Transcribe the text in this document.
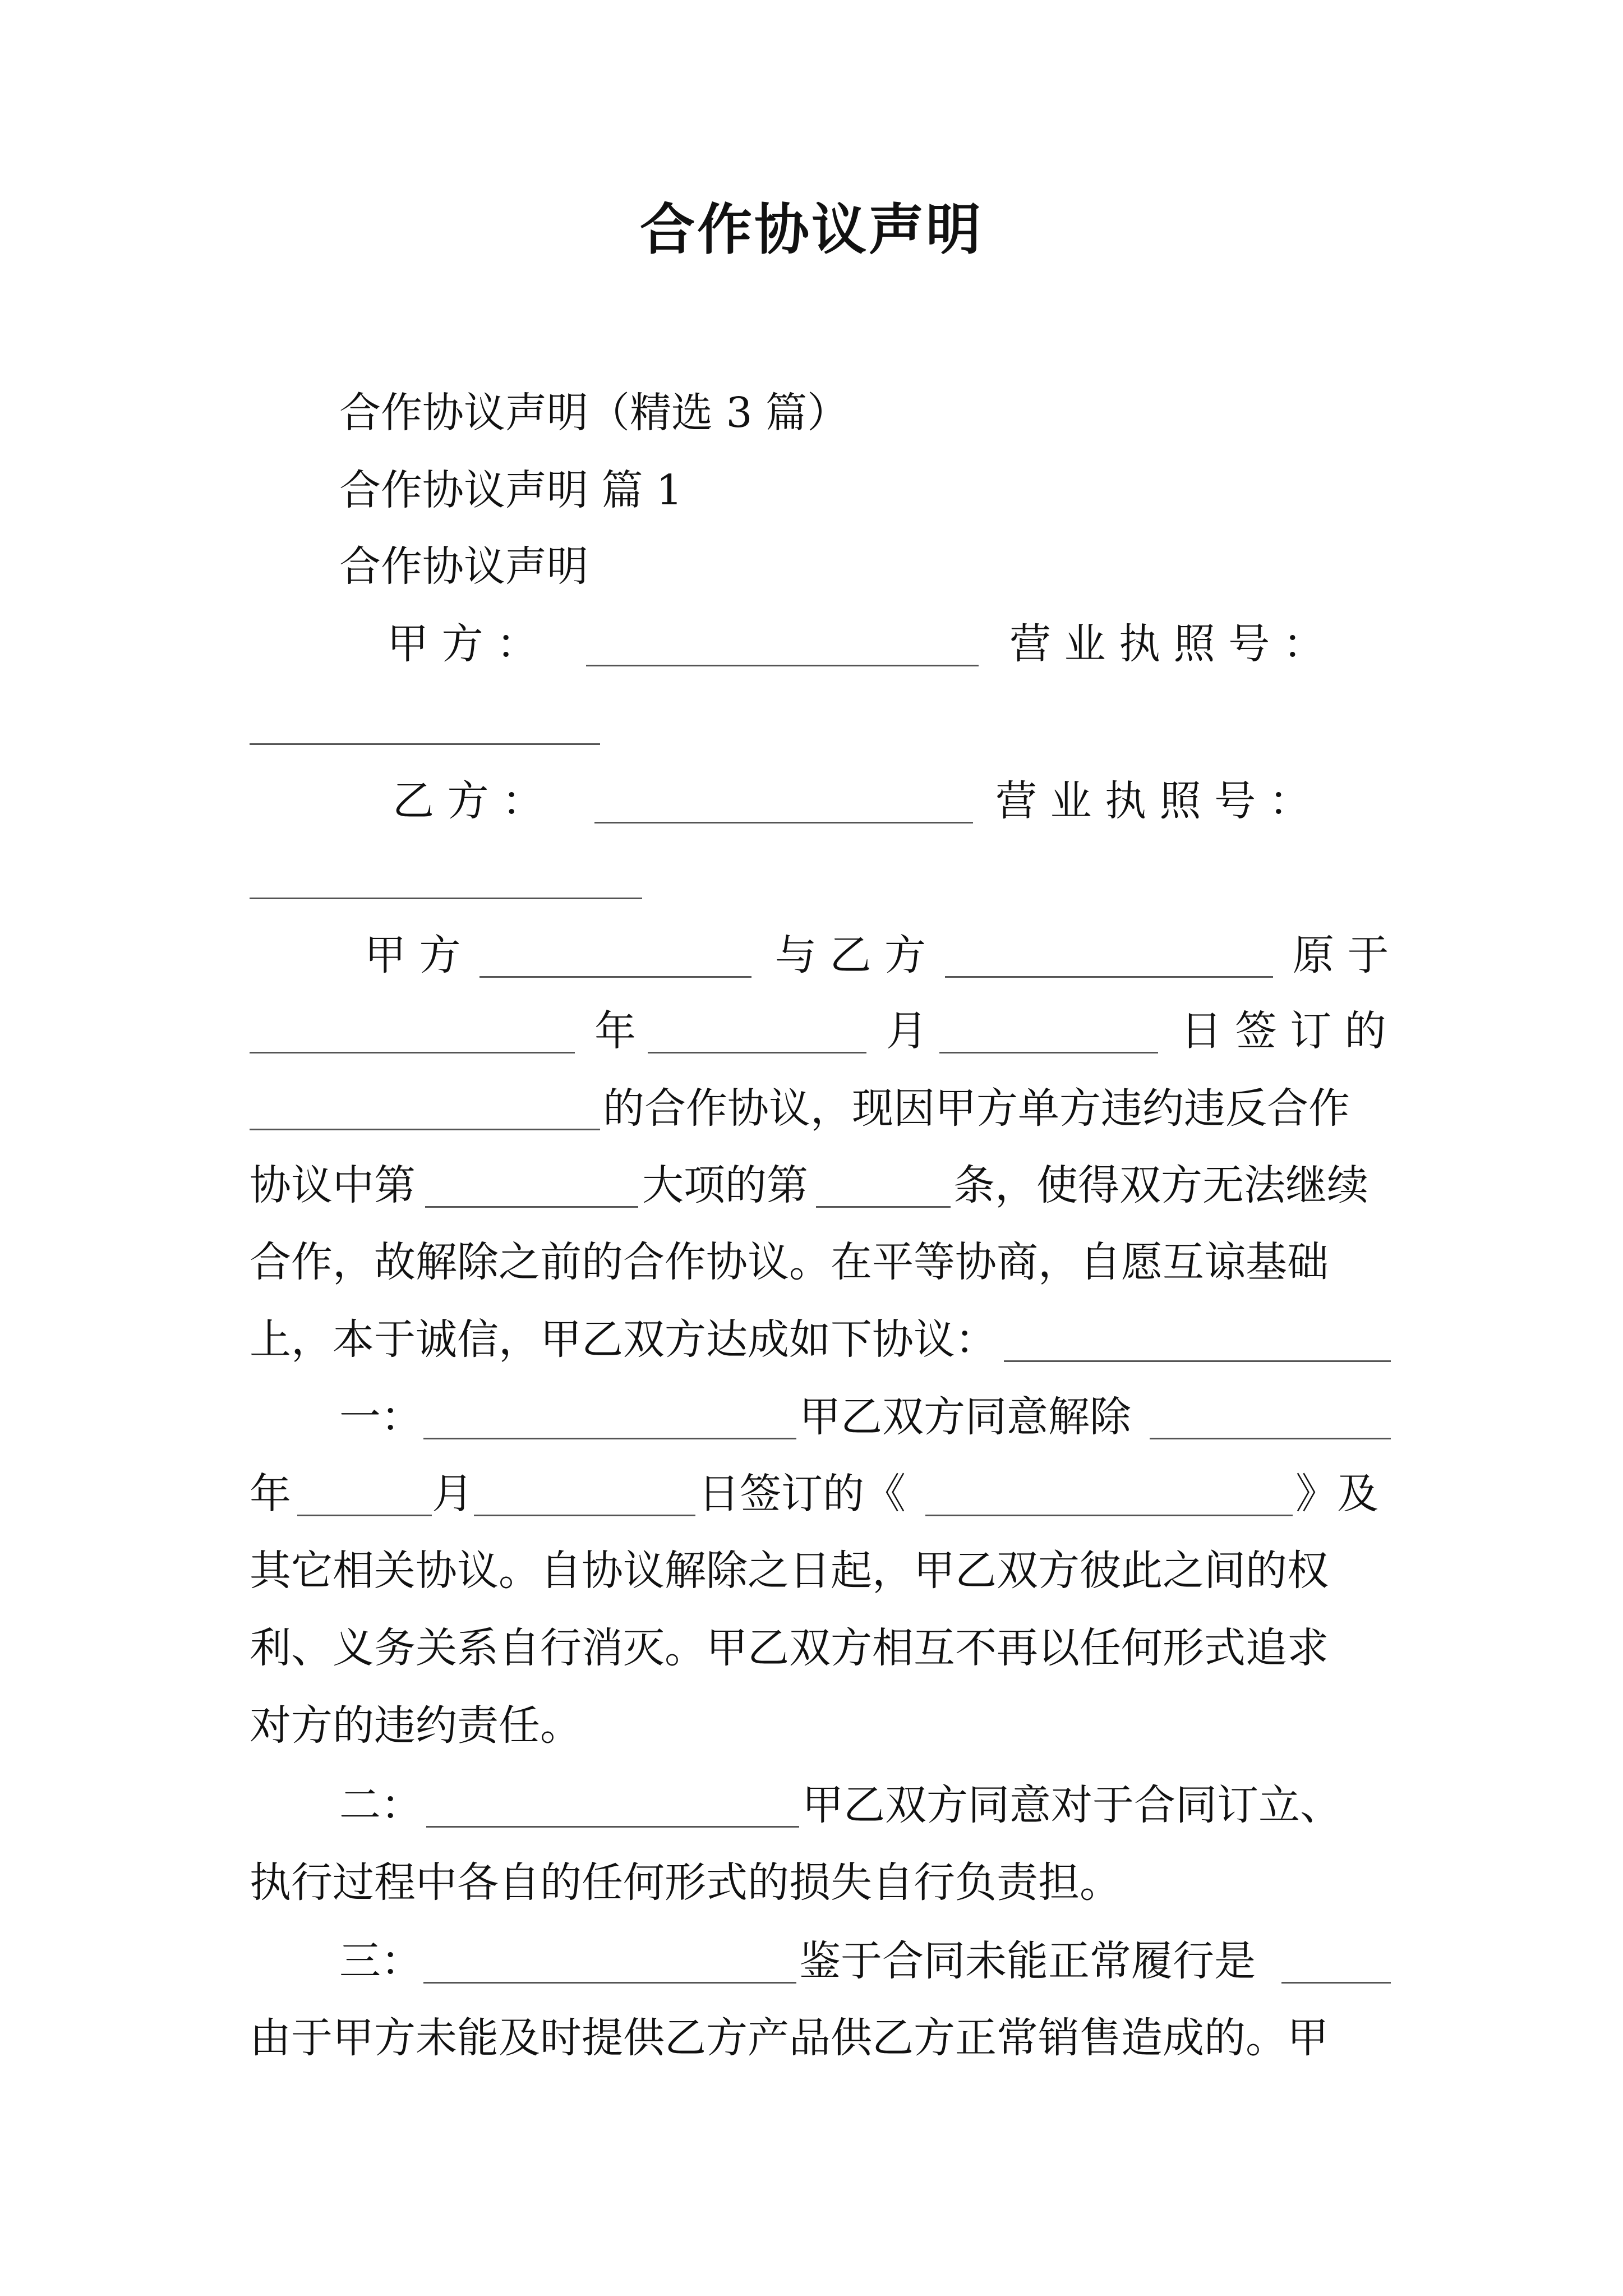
合作协议声明
合作协议声明（精选 3 篇）
合作协议声明 篇 1
合作协议声明
甲 方 ：	营 业 执 照 号 ：
乙 方 ：	营 业 执 照 号 ：
甲 方	与 乙 方	原 于
年	月	日 签 订 的
的合作协议，现因甲方单方违约违反合作
协议中第	大项的第	条，使得双方无法继续
合作，故解除之前的合作协议。在平等协商，自愿互谅基础
上，本于诚信，甲乙双方达成如下协议：
一：	甲乙双方同意解除
年	月	日签订的《	》及
其它相关协议。自协议解除之日起，甲乙双方彼此之间的权
利、义务关系自行消灭。甲乙双方相互不再以任何形式追求
对方的违约责任。
二：	甲乙双方同意对于合同订立、
执行过程中各自的任何形式的损失自行负责担。
三：	鉴于合同未能正常履行是
由于甲方未能及时提供乙方产品供乙方正常销售造成的。甲
